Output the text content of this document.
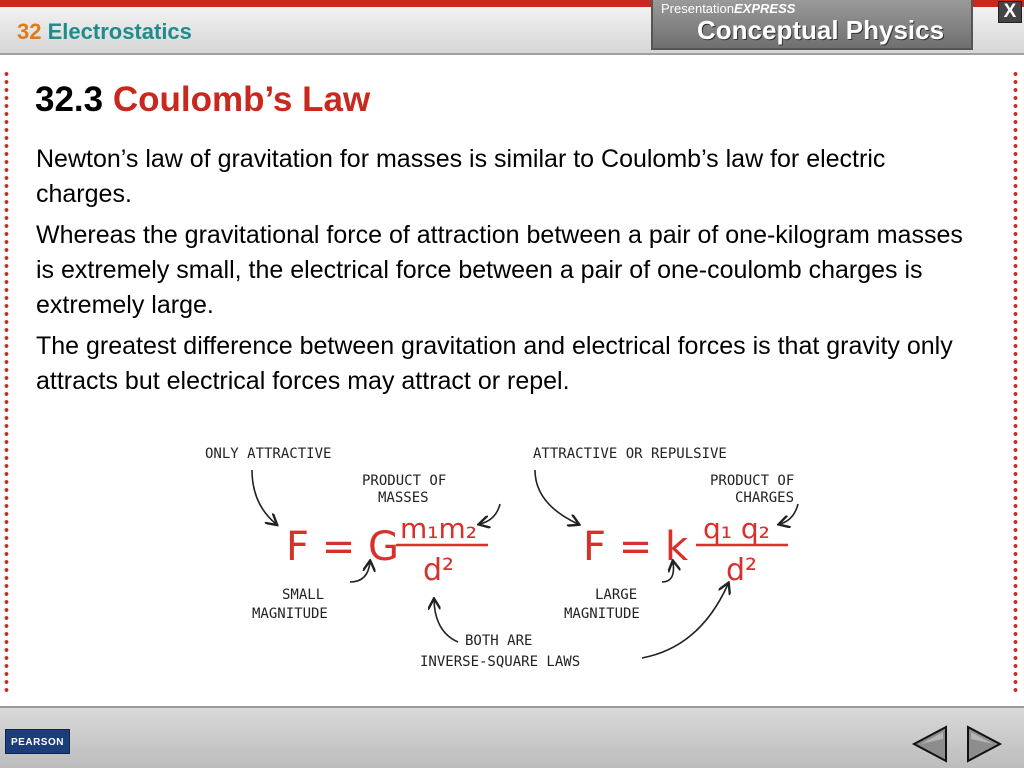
32 Electrostatics
PresentationEXPRESS
Conceptual Physics
X
32.3 Coulomb’s Law

Newton’s law of gravitation for masses is similar to Coulomb’s law for electric charges.

Whereas the gravitational force of attraction between a pair of one-kilogram masses is extremely small, the electrical force between a pair of one-coulomb charges is extremely large.

The greatest difference between gravitation and electrical forces is that gravity only attracts but electrical forces may attract or repel.

ONLY ATTRACTIVE
PRODUCT OF
MASSES
SMALL
MAGNITUDE
ATTRACTIVE OR REPULSIVE
PRODUCT OF
CHARGES
LARGE
MAGNITUDE
BOTH ARE
INVERSE-SQUARE LAWS
F = G m₁m₂
d²
F = k q₁ q₂
d²
PEARSON
